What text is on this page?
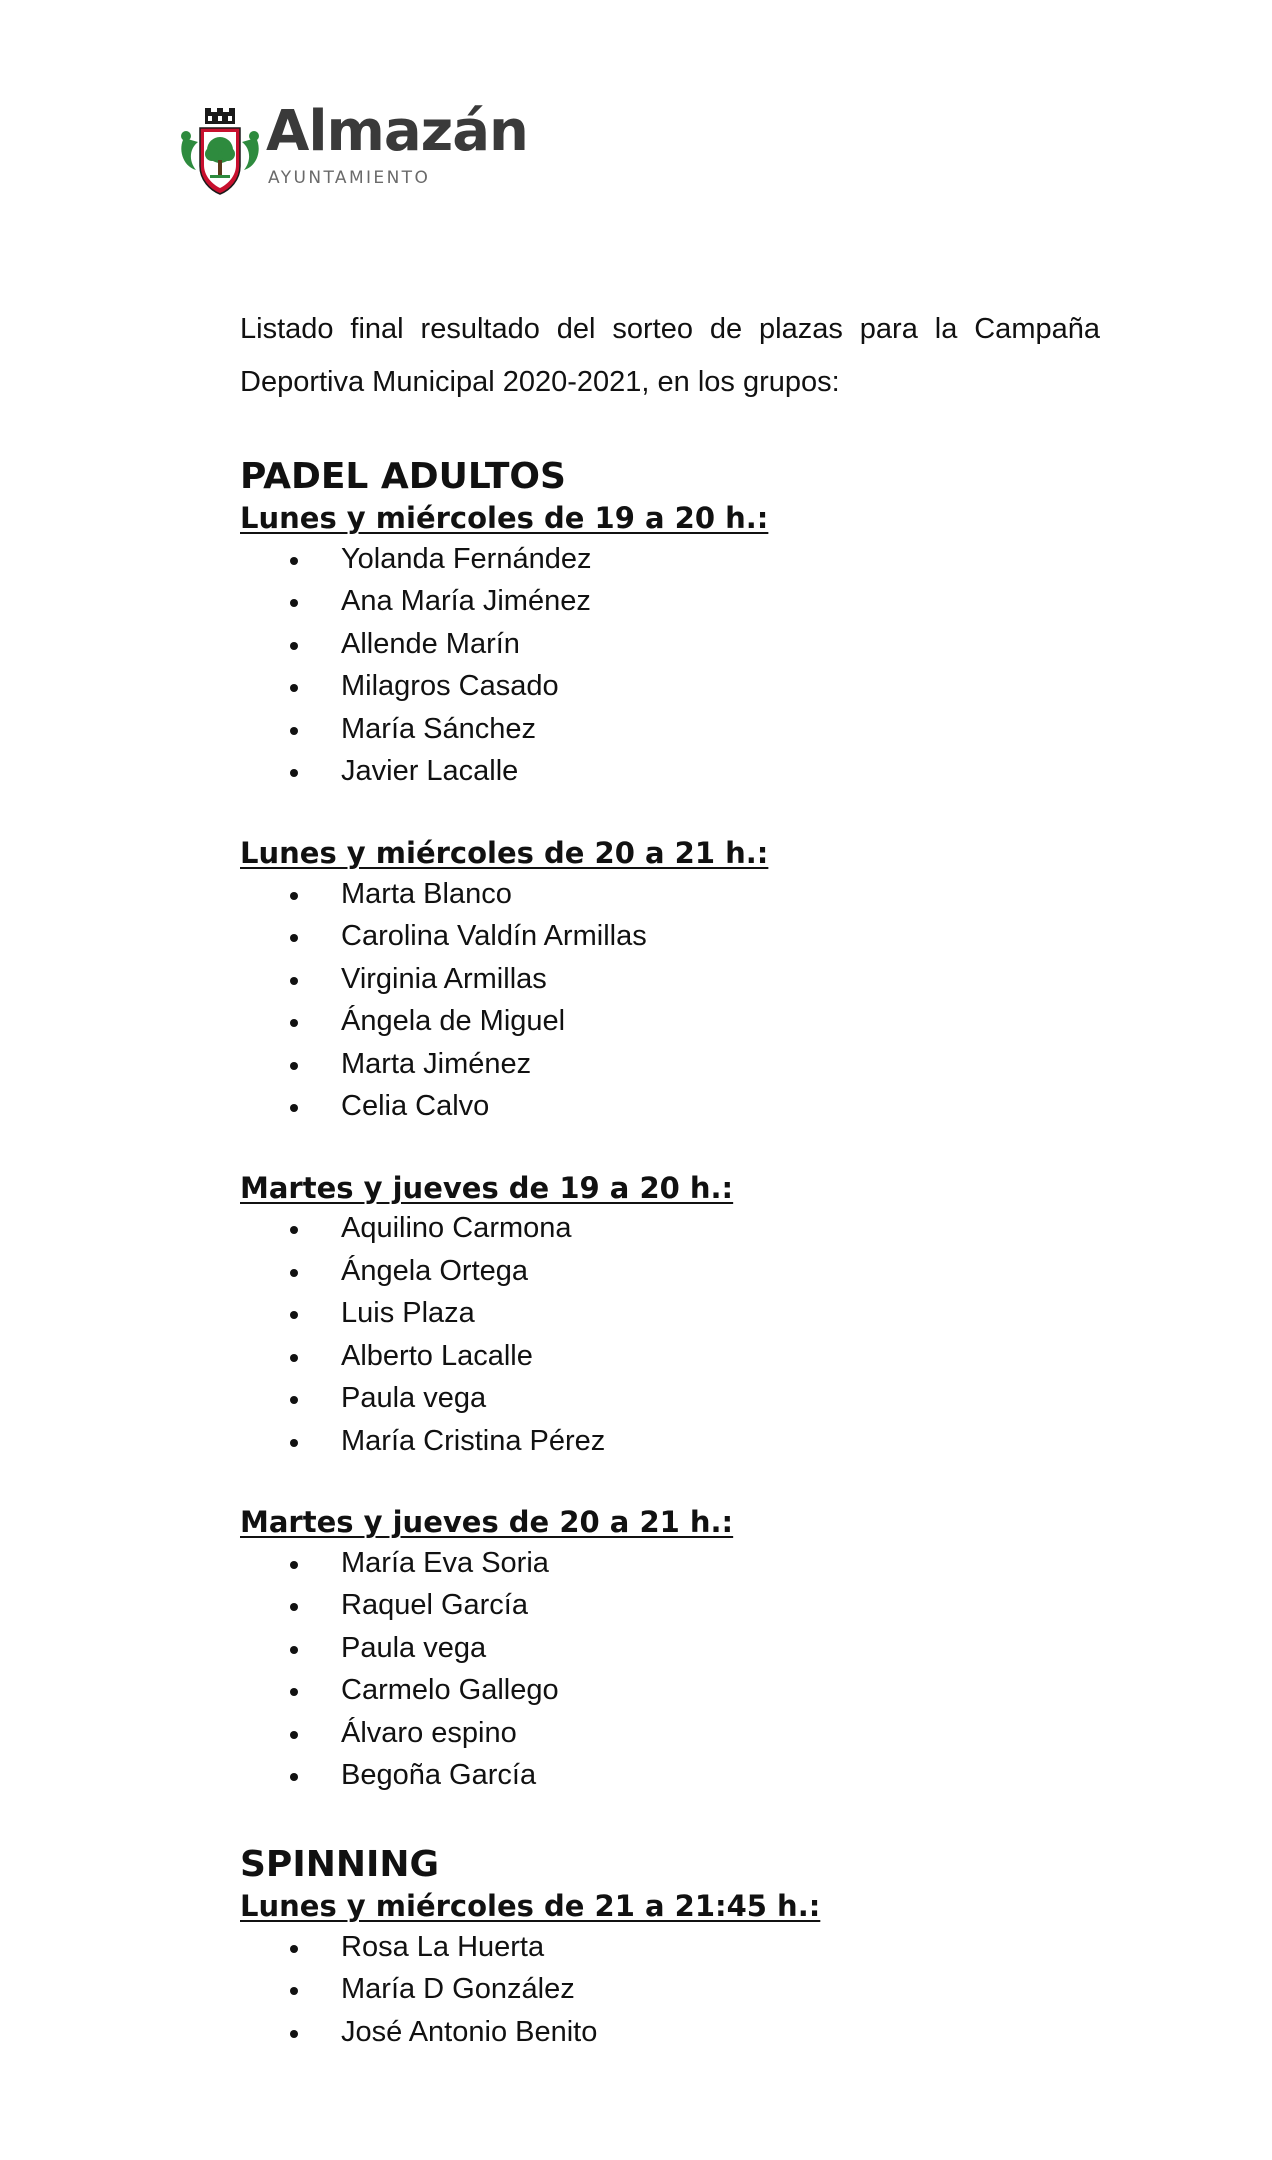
Almazán
AYUNTAMIENTO

Listado final resultado del sorteo de plazas para la Campaña Deportiva Municipal 2020-2021, en los grupos:

PADEL ADULTOS
Lunes y miércoles de 19 a 20 h.:
Yolanda Fernández
Ana María Jiménez
Allende Marín
Milagros Casado
María Sánchez
Javier Lacalle
Lunes y miércoles de 20 a 21 h.:
Marta Blanco
Carolina Valdín Armillas
Virginia Armillas
Ángela de Miguel
Marta Jiménez
Celia Calvo
Martes y jueves de 19 a 20 h.:
Aquilino Carmona
Ángela Ortega
Luis Plaza
Alberto Lacalle
Paula vega
María Cristina Pérez
Martes y jueves de 20 a 21 h.:
María Eva Soria
Raquel García
Paula vega
Carmelo Gallego
Álvaro espino
Begoña García
SPINNING
Lunes y miércoles de 21 a 21:45 h.:
Rosa La Huerta
María D González
José Antonio Benito
